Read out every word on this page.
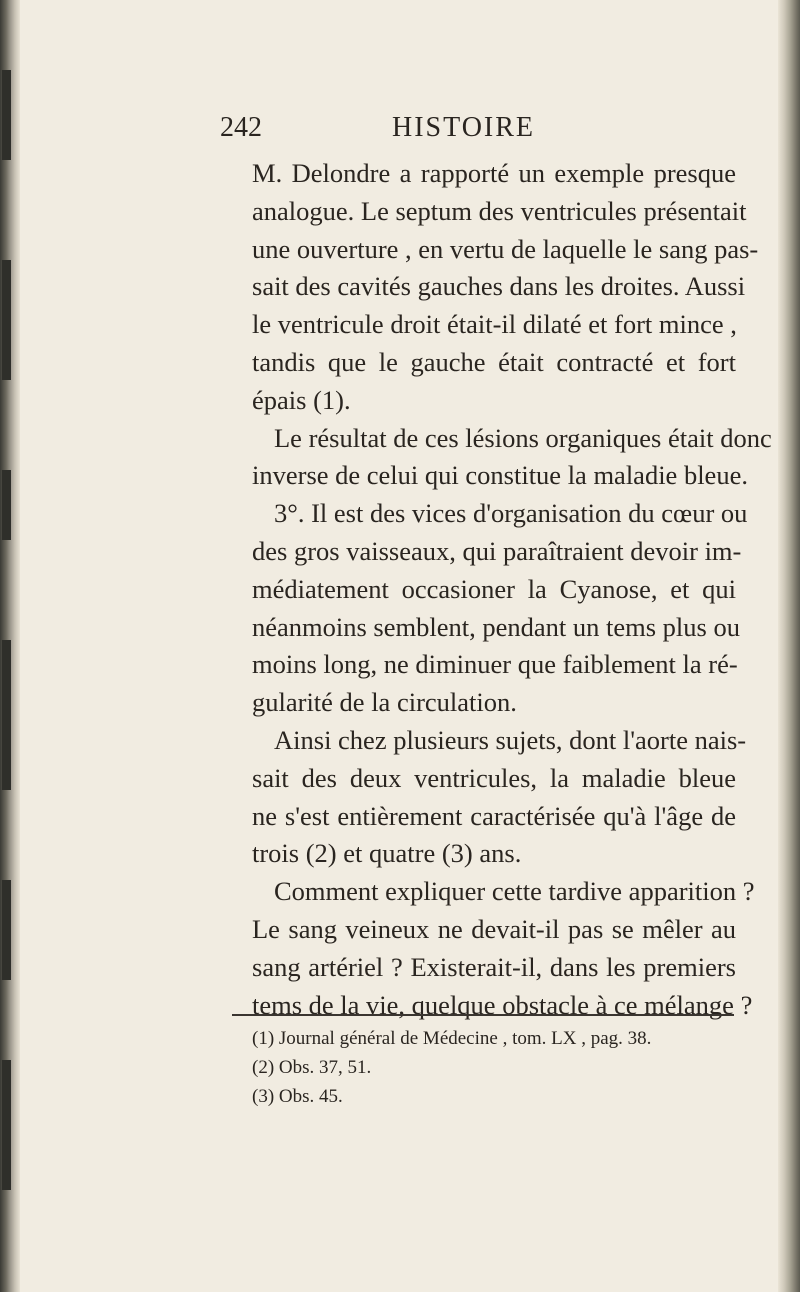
242	HISTOIRE
M. Delondre a rapporté un exemple presque
analogue. Le septum des ventricules présentait
une ouverture , en vertu de laquelle le sang pas-
sait des cavités gauches dans les droites. Aussi
le ventricule droit était-il dilaté et fort mince ,
tandis que le gauche était contracté et fort
épais (1).
Le résultat de ces lésions organiques était donc
inverse de celui qui constitue la maladie bleue.
3°. Il est des vices d'organisation du cœur ou
des gros vaisseaux, qui paraîtraient devoir im-
médiatement occasioner la Cyanose, et qui
néanmoins semblent, pendant un tems plus ou
moins long, ne diminuer que faiblement la ré-
gularité de la circulation.
Ainsi chez plusieurs sujets, dont l'aorte nais-
sait des deux ventricules, la maladie bleue
ne s'est entièrement caractérisée qu'à l'âge de
trois (2) et quatre (3) ans.
Comment expliquer cette tardive apparition ?
Le sang veineux ne devait-il pas se mêler au
sang artériel ? Existerait-il, dans les premiers
tems de la vie, quelque obstacle à ce mélange ?
(1) Journal général de Médecine , tom. LX , pag. 38.
(2) Obs. 37, 51.
(3) Obs. 45.
